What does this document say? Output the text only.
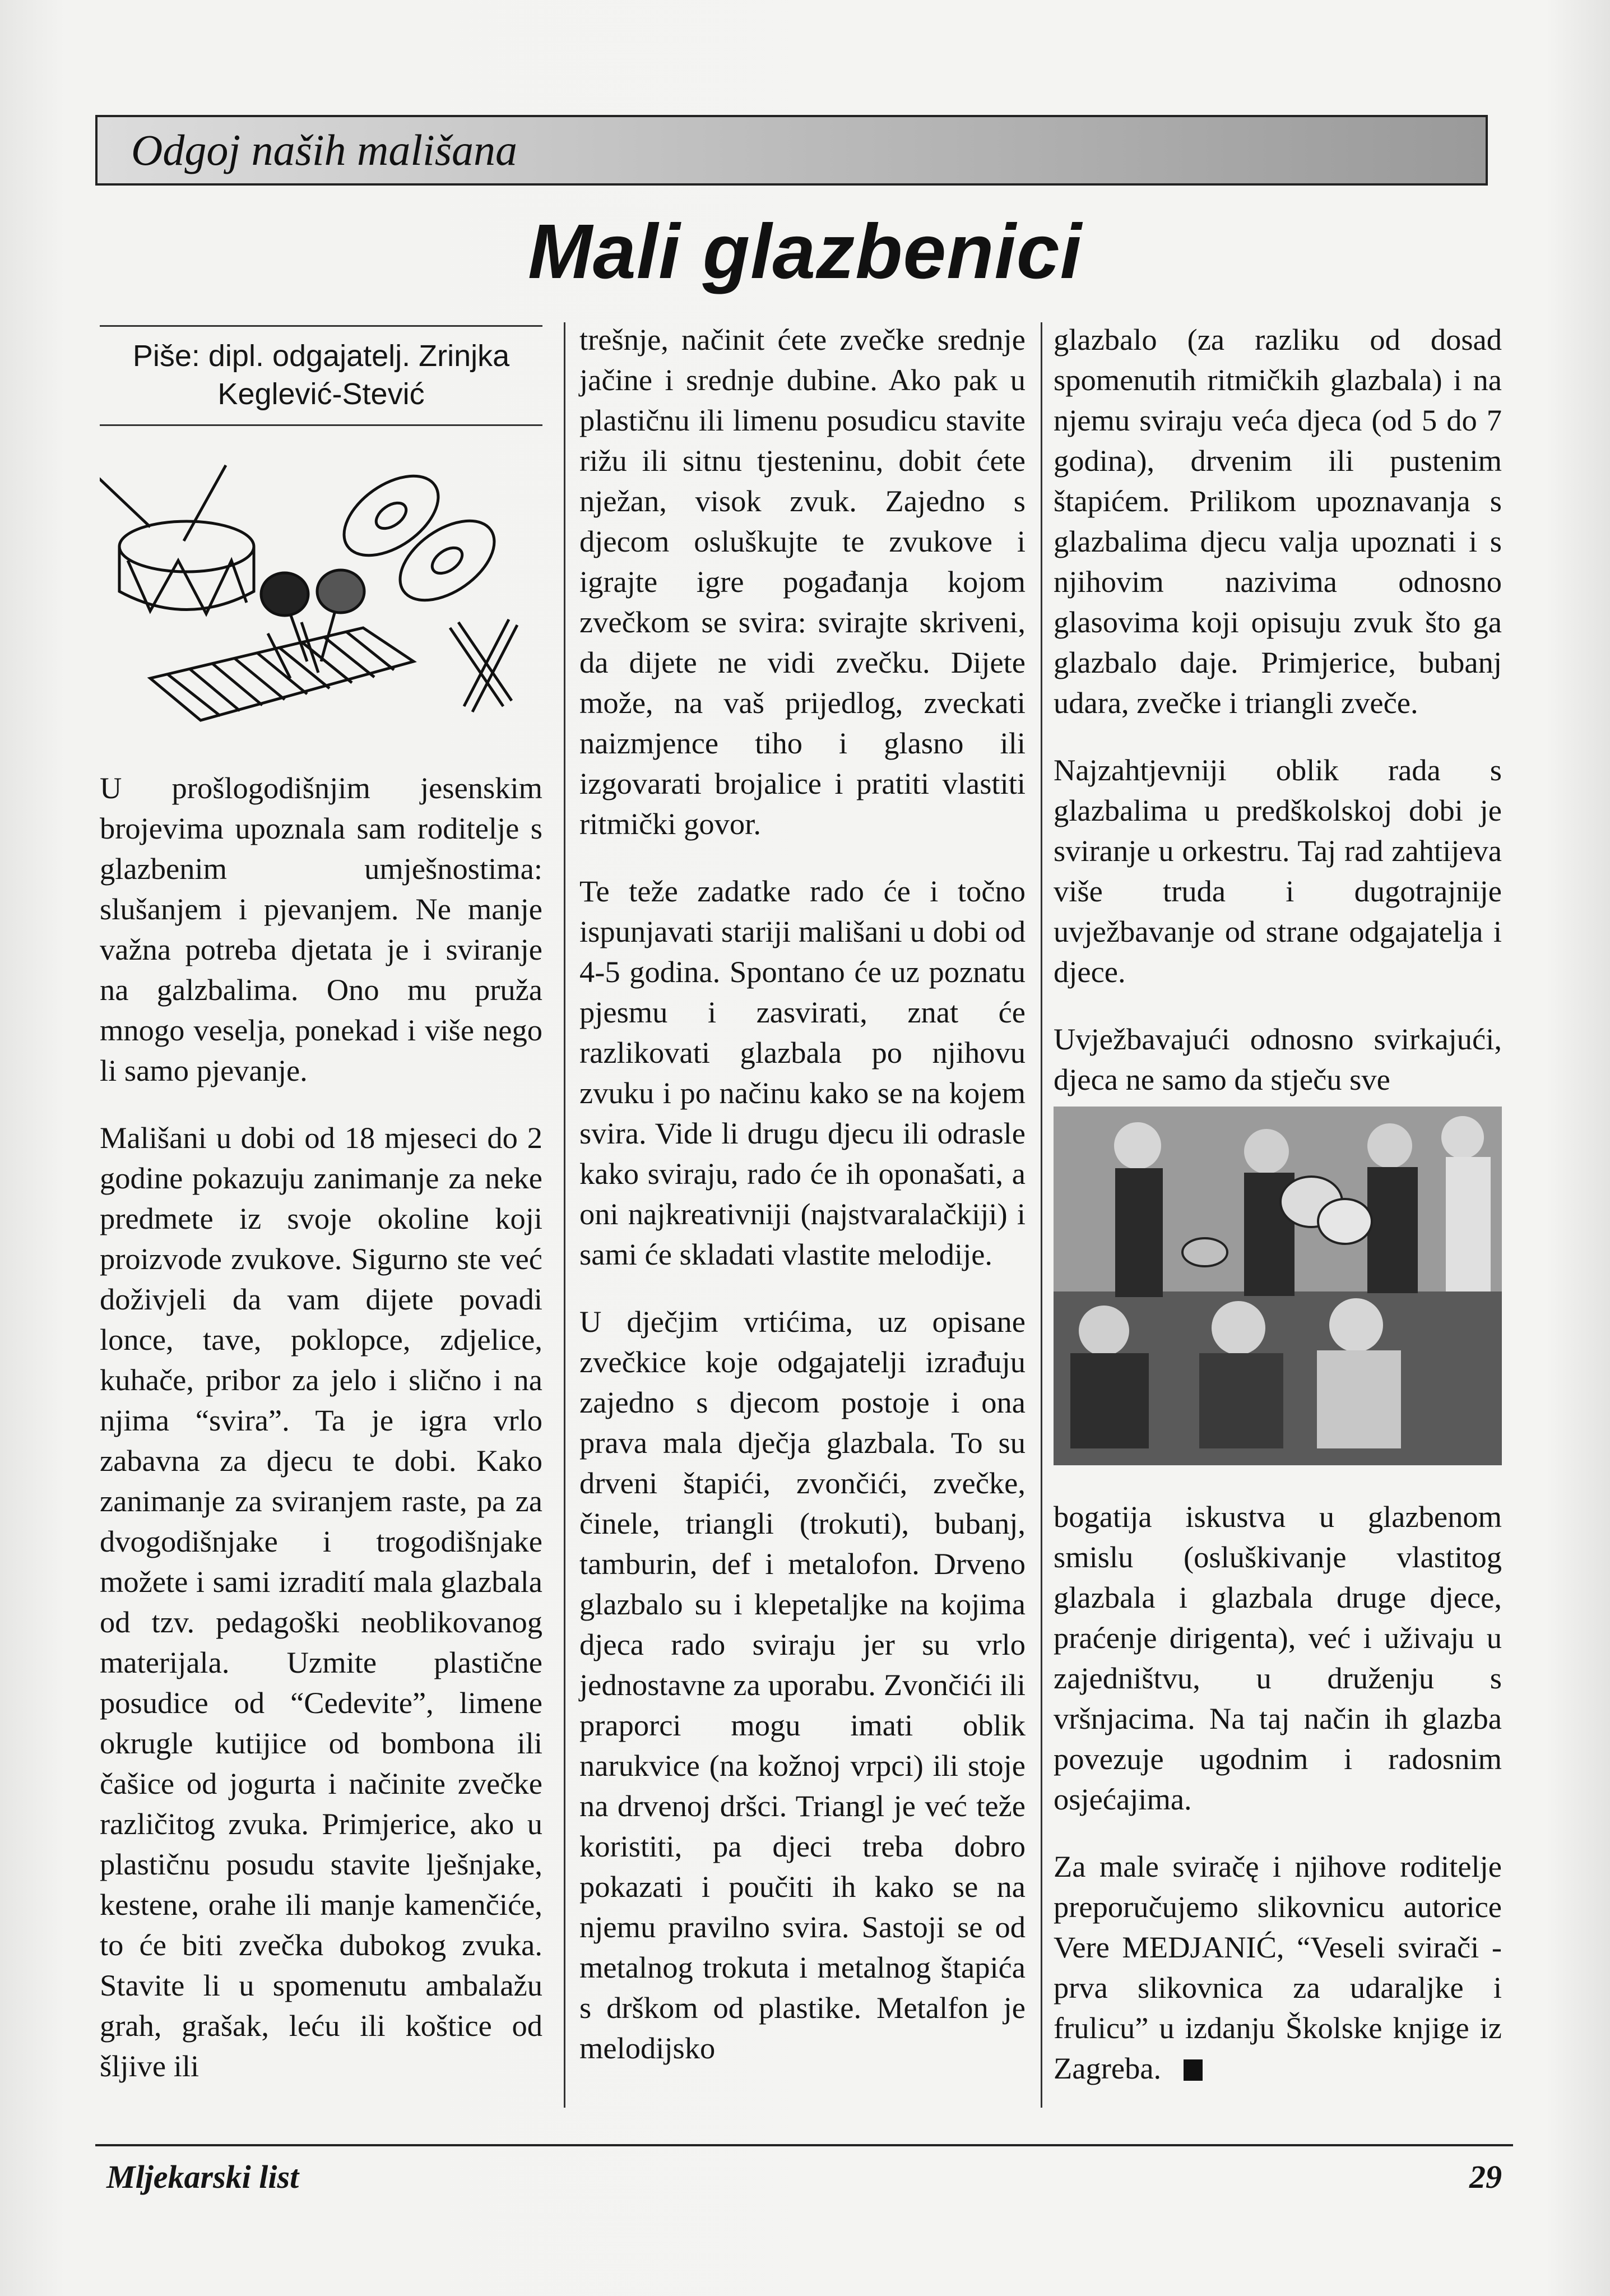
Odgoj naših mališana
Mali glazbenici
Piše: dipl. odgajatelj. Zrinjka Keglević-Stević

U prošlogodišnjim jesenskim brojevima upoznala sam roditelje s glazbenim umješnostima: slušanjem i pjevanjem. Ne manje važna potreba djetata je i sviranje na galzbalima. Ono mu pruža mnogo veselja, ponekad i više nego li samo pjevanje.

Mališani u dobi od 18 mjeseci do 2 godine pokazuju zanimanje za neke predmete iz svoje okoline koji proizvode zvukove. Sigurno ste već doživjeli da vam dijete povadi lonce, tave, poklopce, zdjelice, kuhače, pribor za jelo i slično i na njima “svira”. Ta je igra vrlo zabavna za djecu te dobi. Kako zanimanje za sviranjem raste, pa za dvogodišnjake i trogodišnjake možete i sami izradití mala glazbala od tzv. pedagoški neoblikovanog materijala. Uzmite plastične posudice od “Cedevite”, limene okrugle kutijice od bombona ili čašice od jogurta i načinite zvečke različitog zvuka. Primjerice, ako u plastičnu posudu stavite lješnjake, kestene, orahe ili manje kamenčiće, to će biti zvečka dubokog zvuka. Stavite li u spomenutu ambalažu grah, grašak, leću ili koštice od šljive ili

trešnje, načinit ćete zvečke srednje jačine i srednje dubine. Ako pak u plastičnu ili limenu posudicu stavite rižu ili sitnu tjesteninu, dobit ćete nježan, visok zvuk. Zajedno s djecom osluškujte te zvukove i igrajte igre pogađanja kojom zvečkom se svira: svirajte skriveni, da dijete ne vidi zvečku. Dijete može, na vaš prijedlog, zveckati naizmjence tiho i glasno ili izgovarati brojalice i pratiti vlastiti ritmički govor.

Te teže zadatke rado će i točno ispunjavati stariji mališani u dobi od 4-5 godina. Spontano će uz poznatu pjesmu i zasvirati, znat će razlikovati glazbala po njihovu zvuku i po načinu kako se na kojem svira. Vide li drugu djecu ili odrasle kako sviraju, rado će ih oponašati, a oni najkreativniji (najstvaralačkiji) i sami će skladati vlastite melodije.

U dječjim vrtićima, uz opisane zvečkice koje odgajatelji izrađuju zajedno s djecom postoje i ona prava mala dječja glazbala. To su drveni štapići, zvončići, zvečke, činele, triangli (trokuti), bubanj, tamburin, def i metalofon. Drveno glazbalo su i klepetaljke na kojima djeca rado sviraju jer su vrlo jednostavne za uporabu. Zvončići ili praporci mogu imati oblik narukvice (na kožnoj vrpci) ili stoje na drvenoj dršci. Triangl je već teže koristiti, pa djeci treba dobro pokazati i poučiti ih kako se na njemu pravilno svira. Sastoji se od metalnog trokuta i metalnog štapića s drškom od plastike. Metalfon je melodijsko

glazbalo (za razliku od dosad spomenutih ritmičkih glazbala) i na njemu sviraju veća djeca (od 5 do 7 godina), drvenim ili pustenim štapićem. Prilikom upoznavanja s glazbalima djecu valja upoznati i s njihovim nazivima odnosno glasovima koji opisuju zvuk što ga glazbalo daje. Primjerice, bubanj udara, zvečke i triangli zveče.

Najzahtjevniji oblik rada s glazbalima u predškolskoj dobi je sviranje u orkestru. Taj rad zahtijeva više truda i dugotrajnije uvježbavanje od strane odgajatelja i djece.

Uvježbavajući odnosno svirkajući, djeca ne samo da stječu sve

bogatija iskustva u glazbenom smislu (osluškivanje vlastitog glazbala i glazbala druge djece, praćenje dirigenta), već i uživaju u zajedništvu, u druženju s vršnjacima. Na taj način ih glazba povezuje ugodnim i radosnim osjećajima.

Za male sviračę i njihove roditelje preporučujemo slikovnicu autorice Vere MEDJANIĆ, “Veseli svirači - prva slikovnica za udaraljke i frulicu” u izdanju Školske knjige iz Zagreba.

Mljekarski list	29
